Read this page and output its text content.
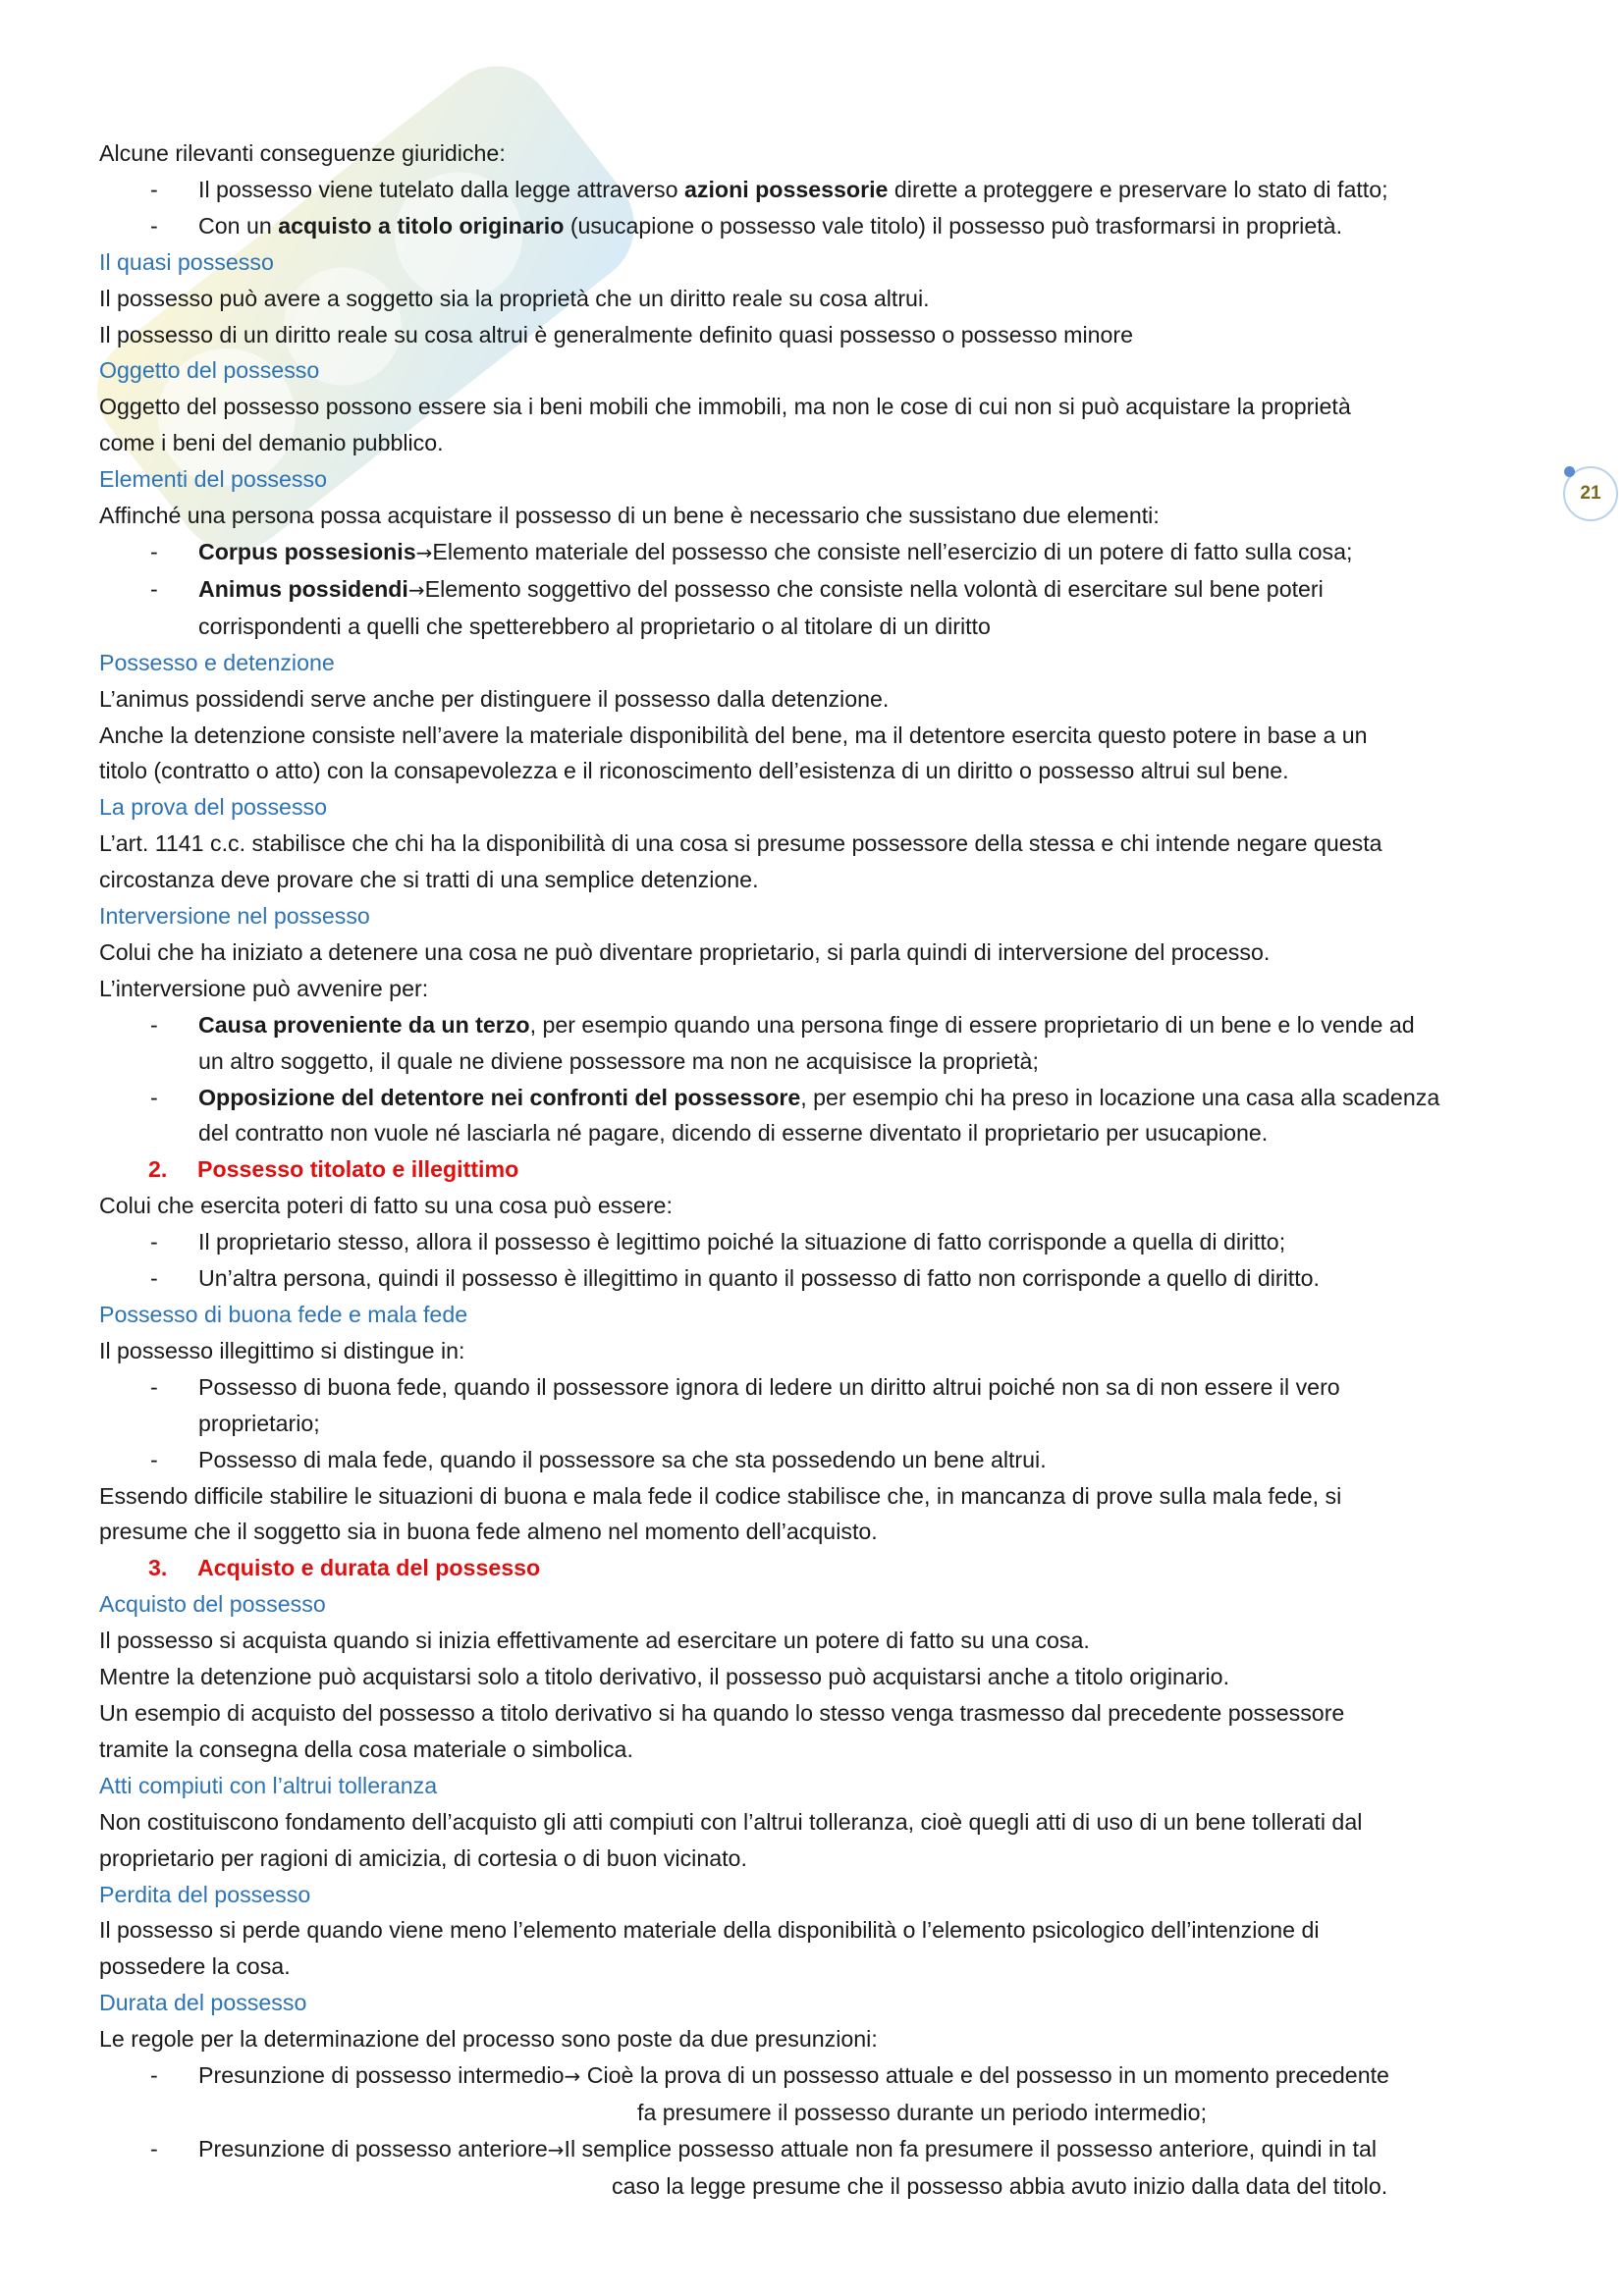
21
Alcune rilevanti conseguenze giuridiche:
- Il possesso viene tutelato dalla legge attraverso azioni possessorie dirette a proteggere e preservare lo stato di fatto;
- Con un acquisto a titolo originario (usucapione o possesso vale titolo) il possesso può trasformarsi in proprietà.
Il quasi possesso
Il possesso può avere a soggetto sia la proprietà che un diritto reale su cosa altrui.
Il possesso di un diritto reale su cosa altrui è generalmente definito quasi possesso o possesso minore
Oggetto del possesso
Oggetto del possesso possono essere sia i beni mobili che immobili, ma non le cose di cui non si può acquistare la proprietà
come i beni del demanio pubblico.
Elementi del possesso
Affinché una persona possa acquistare il possesso di un bene è necessario che sussistano due elementi:
- Corpus possesionis→Elemento materiale del possesso che consiste nell’esercizio di un potere di fatto sulla cosa;
- Animus possidendi→Elemento soggettivo del possesso che consiste nella volontà di esercitare sul bene poteri
corrispondenti a quelli che spetterebbero al proprietario o al titolare di un diritto
Possesso e detenzione
L’animus possidendi serve anche per distinguere il possesso dalla detenzione.
Anche la detenzione consiste nell’avere la materiale disponibilità del bene, ma il detentore esercita questo potere in base a un
titolo (contratto o atto) con la consapevolezza e il riconoscimento dell’esistenza di un diritto o possesso altrui sul bene.
La prova del possesso
L’art. 1141 c.c. stabilisce che chi ha la disponibilità di una cosa si presume possessore della stessa e chi intende negare questa
circostanza deve provare che si tratti di una semplice detenzione.
Interversione nel possesso
Colui che ha iniziato a detenere una cosa ne può diventare proprietario, si parla quindi di interversione del processo.
L’interversione può avvenire per:
- Causa proveniente da un terzo, per esempio quando una persona finge di essere proprietario di un bene e lo vende ad
un altro soggetto, il quale ne diviene possessore ma non ne acquisisce la proprietà;
- Opposizione del detentore nei confronti del possessore, per esempio chi ha preso in locazione una casa alla scadenza
del contratto non vuole né lasciarla né pagare, dicendo di esserne diventato il proprietario per usucapione.
2. Possesso titolato e illegittimo
Colui che esercita poteri di fatto su una cosa può essere:
- Il proprietario stesso, allora il possesso è legittimo poiché la situazione di fatto corrisponde a quella di diritto;
- Un’altra persona, quindi il possesso è illegittimo in quanto il possesso di fatto non corrisponde a quello di diritto.
Possesso di buona fede e mala fede
Il possesso illegittimo si distingue in:
- Possesso di buona fede, quando il possessore ignora di ledere un diritto altrui poiché non sa di non essere il vero
proprietario;
- Possesso di mala fede, quando il possessore sa che sta possedendo un bene altrui.
Essendo difficile stabilire le situazioni di buona e mala fede il codice stabilisce che, in mancanza di prove sulla mala fede, si
presume che il soggetto sia in buona fede almeno nel momento dell’acquisto.
3. Acquisto e durata del possesso
Acquisto del possesso
Il possesso si acquista quando si inizia effettivamente ad esercitare un potere di fatto su una cosa.
Mentre la detenzione può acquistarsi solo a titolo derivativo, il possesso può acquistarsi anche a titolo originario.
Un esempio di acquisto del possesso a titolo derivativo si ha quando lo stesso venga trasmesso dal precedente possessore
tramite la consegna della cosa materiale o simbolica.
Atti compiuti con l’altrui tolleranza
Non costituiscono fondamento dell’acquisto gli atti compiuti con l’altrui tolleranza, cioè quegli atti di uso di un bene tollerati dal
proprietario per ragioni di amicizia, di cortesia o di buon vicinato.
Perdita del possesso
Il possesso si perde quando viene meno l’elemento materiale della disponibilità o l’elemento psicologico dell’intenzione di
possedere la cosa.
Durata del possesso
Le regole per la determinazione del processo sono poste da due presunzioni:
- Presunzione di possesso intermedio→ Cioè la prova di un possesso attuale e del possesso in un momento precedente
fa presumere il possesso durante un periodo intermedio;
- Presunzione di possesso anteriore→Il semplice possesso attuale non fa presumere il possesso anteriore, quindi in tal
caso la legge presume che il possesso abbia avuto inizio dalla data del titolo.
